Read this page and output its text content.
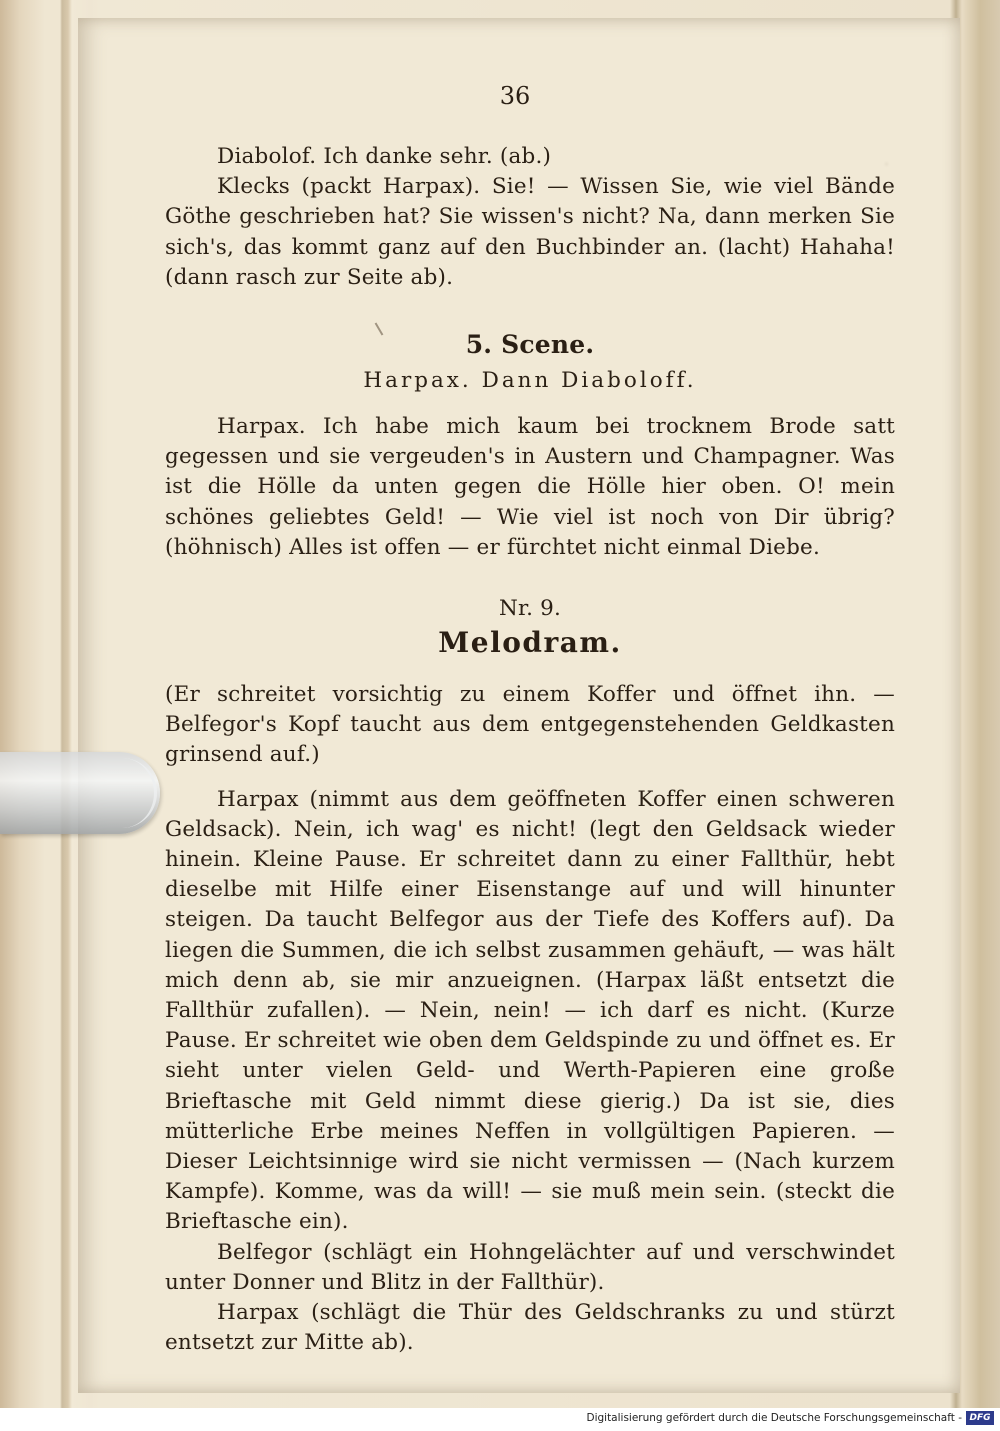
·
36

Diabolof. Ich danke sehr. (ab.)

Klecks (packt Harpax). Sie! — Wissen Sie, wie viel Bände Göthe geschrieben hat? Sie wissen's nicht? Na, dann merken Sie sich's, das kommt ganz auf den Buchbinder an. (lacht) Hahaha! (dann rasch zur Seite ab).

5. Scene.

Harpax. Dann Diaboloff.

Harpax. Ich habe mich kaum bei trocknem Brode satt gegessen und sie vergeuden's in Austern und Champagner. Was ist die Hölle da unten gegen die Hölle hier oben. O! mein schönes geliebtes Geld! — Wie viel ist noch von Dir übrig? (höhnisch) Alles ist offen — er fürchtet nicht einmal Diebe.

Nr. 9.

Melodram.

(Er schreitet vorsichtig zu einem Koffer und öffnet ihn. — Belfegor's Kopf taucht aus dem entgegenstehenden Geldkasten grinsend auf.)

Harpax (nimmt aus dem geöffneten Koffer einen schweren Geldsack). Nein, ich wag' es nicht! (legt den Geldsack wieder hinein. Kleine Pause. Er schreitet dann zu einer Fallthür, hebt dieselbe mit Hilfe einer Eisenstange auf und will hinunter steigen. Da taucht Belfegor aus der Tiefe des Koffers auf). Da liegen die Summen, die ich selbst zusammen gehäuft, — was hält mich denn ab, sie mir anzueignen. (Harpax läßt entsetzt die Fallthür zufallen). — Nein, nein! — ich darf es nicht. (Kurze Pause. Er schreitet wie oben dem Geldspinde zu und öffnet es. Er sieht unter vielen Geld- und Werth-Papieren eine große Brieftasche mit Geld nimmt diese gierig.) Da ist sie, dies mütterliche Erbe meines Neffen in vollgültigen Papieren. — Dieser Leichtsinnige wird sie nicht vermissen — (Nach kurzem Kampfe). Komme, was da will! — sie muß mein sein. (steckt die Brieftasche ein).

Belfegor (schlägt ein Hohngelächter auf und verschwindet unter Donner und Blitz in der Fallthür).

Harpax (schlägt die Thür des Geldschranks zu und stürzt entsetzt zur Mitte ab).

Digitalisierung gefördert durch die Deutsche Forschungsgemeinschaft - DFG
